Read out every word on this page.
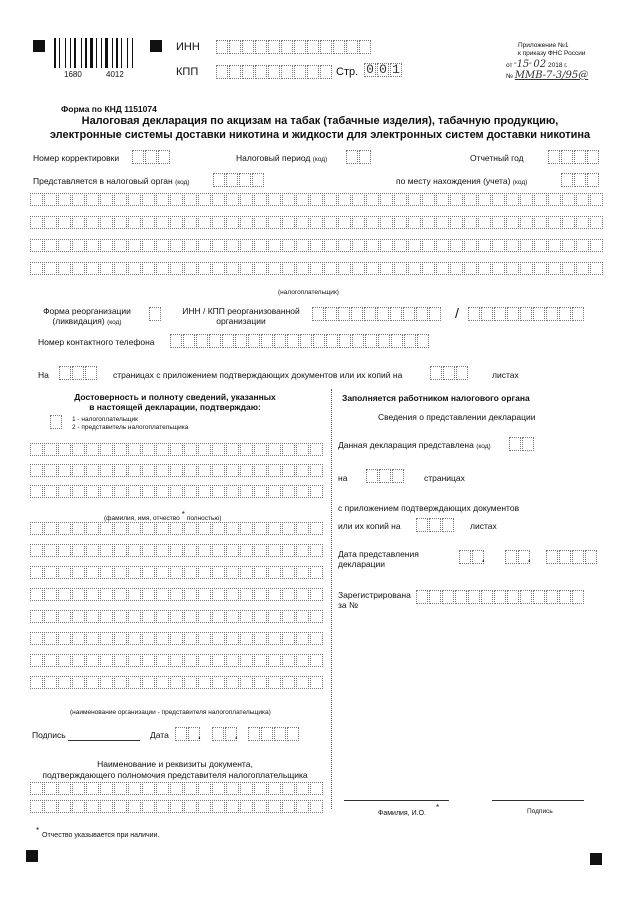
1680	4012
ИНН
КПП	Стр. 0 0 1
Приложение №1
к приказу ФНС России
от "15" 02 2018 г.
№ ММВ-7-3/95@
Форма по КНД 1151074
Налоговая декларация по акцизам на табак (табачные изделия), табачную продукцию,
электронные системы доставки никотина и жидкости для электронных систем доставки никотина
Номер корректировки	Налоговый период (код)	Отчетный год
Представляется в налоговый орган (код)	по месту нахождения (учета) (код)
(налогоплательщик)
Форма реорганизации
(ликвидация) (код)
ИНН / КПП реорганизованной
организации	/
Номер контактного телефона
На	страницах с приложением подтверждающих документов или их копий на	листах
Достоверность и полноту сведений, указанных
в настоящей декларации, подтверждаю:
1 - налогоплательщик
2 - представитель налогоплательщика
(фамилия, имя, отчество * полностью)
(наименование организации - представителя налогоплательщика)
Подпись	Дата
.
.
Наименование и реквизиты документа,
подтверждающего полномочия представителя налогоплательщика
Заполняется работником налогового органа
Сведения о представлении декларации
Данная декларация представлена (код)
на	страницах
с приложением подтверждающих документов
или их копий на	листах
Дата представления
декларации
.
.
Зарегистрирована
за №
Фамилия, И.О.
*	Подпись
*
Отчество указывается при наличии.
